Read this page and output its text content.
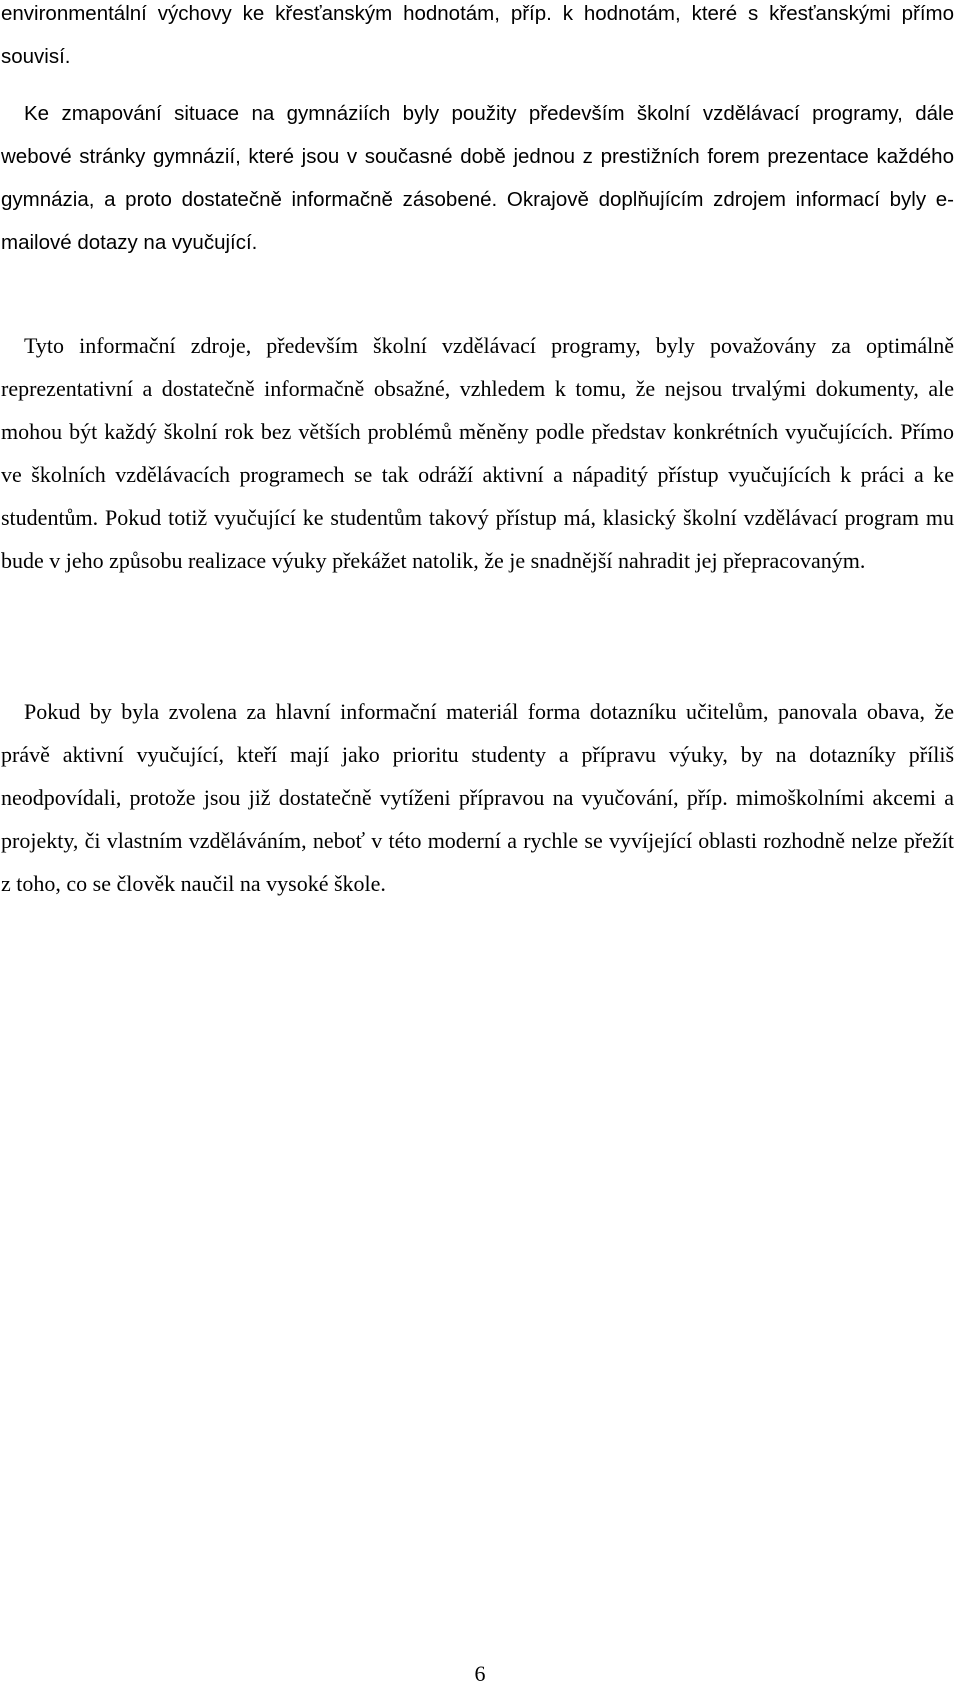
environmentální výchovy ke křesťanským hodnotám, příp. k hodnotám, které s křesťanskými přímo souvisí.

Ke zmapování situace na gymnáziích byly použity především školní vzdělávací programy, dále webové stránky gymnázií, které jsou v současné době jednou z prestižních forem prezentace každého gymnázia, a proto dostatečně informačně zásobené. Okrajově doplňujícím zdrojem informací byly e-mailové dotazy na vyučující.

Tyto informační zdroje, především školní vzdělávací programy, byly považovány za optimálně reprezentativní a dostatečně informačně obsažné, vzhledem k tomu, že nejsou trvalými dokumenty, ale mohou být každý školní rok bez větších problémů měněny podle představ konkrétních vyučujících. Přímo ve školních vzdělávacích programech se tak odráží aktivní a nápaditý přístup vyučujících k práci a ke studentům. Pokud totiž vyučující ke studentům takový přístup má, klasický školní vzdělávací program mu bude v jeho způsobu realizace výuky překážet natolik, že je snadnější nahradit jej přepracovaným.

Pokud by byla zvolena za hlavní informační materiál forma dotazníku učitelům, panovala obava, že právě aktivní vyučující, kteří mají jako prioritu studenty a přípravu výuky, by na dotazníky příliš neodpovídali, protože jsou již dostatečně vytíženi přípravou na vyučování, příp. mimoškolními akcemi a projekty, či vlastním vzděláváním, neboť v této moderní a rychle se vyvíjející oblasti rozhodně nelze přežít z toho, co se člověk naučil na vysoké škole.

6
